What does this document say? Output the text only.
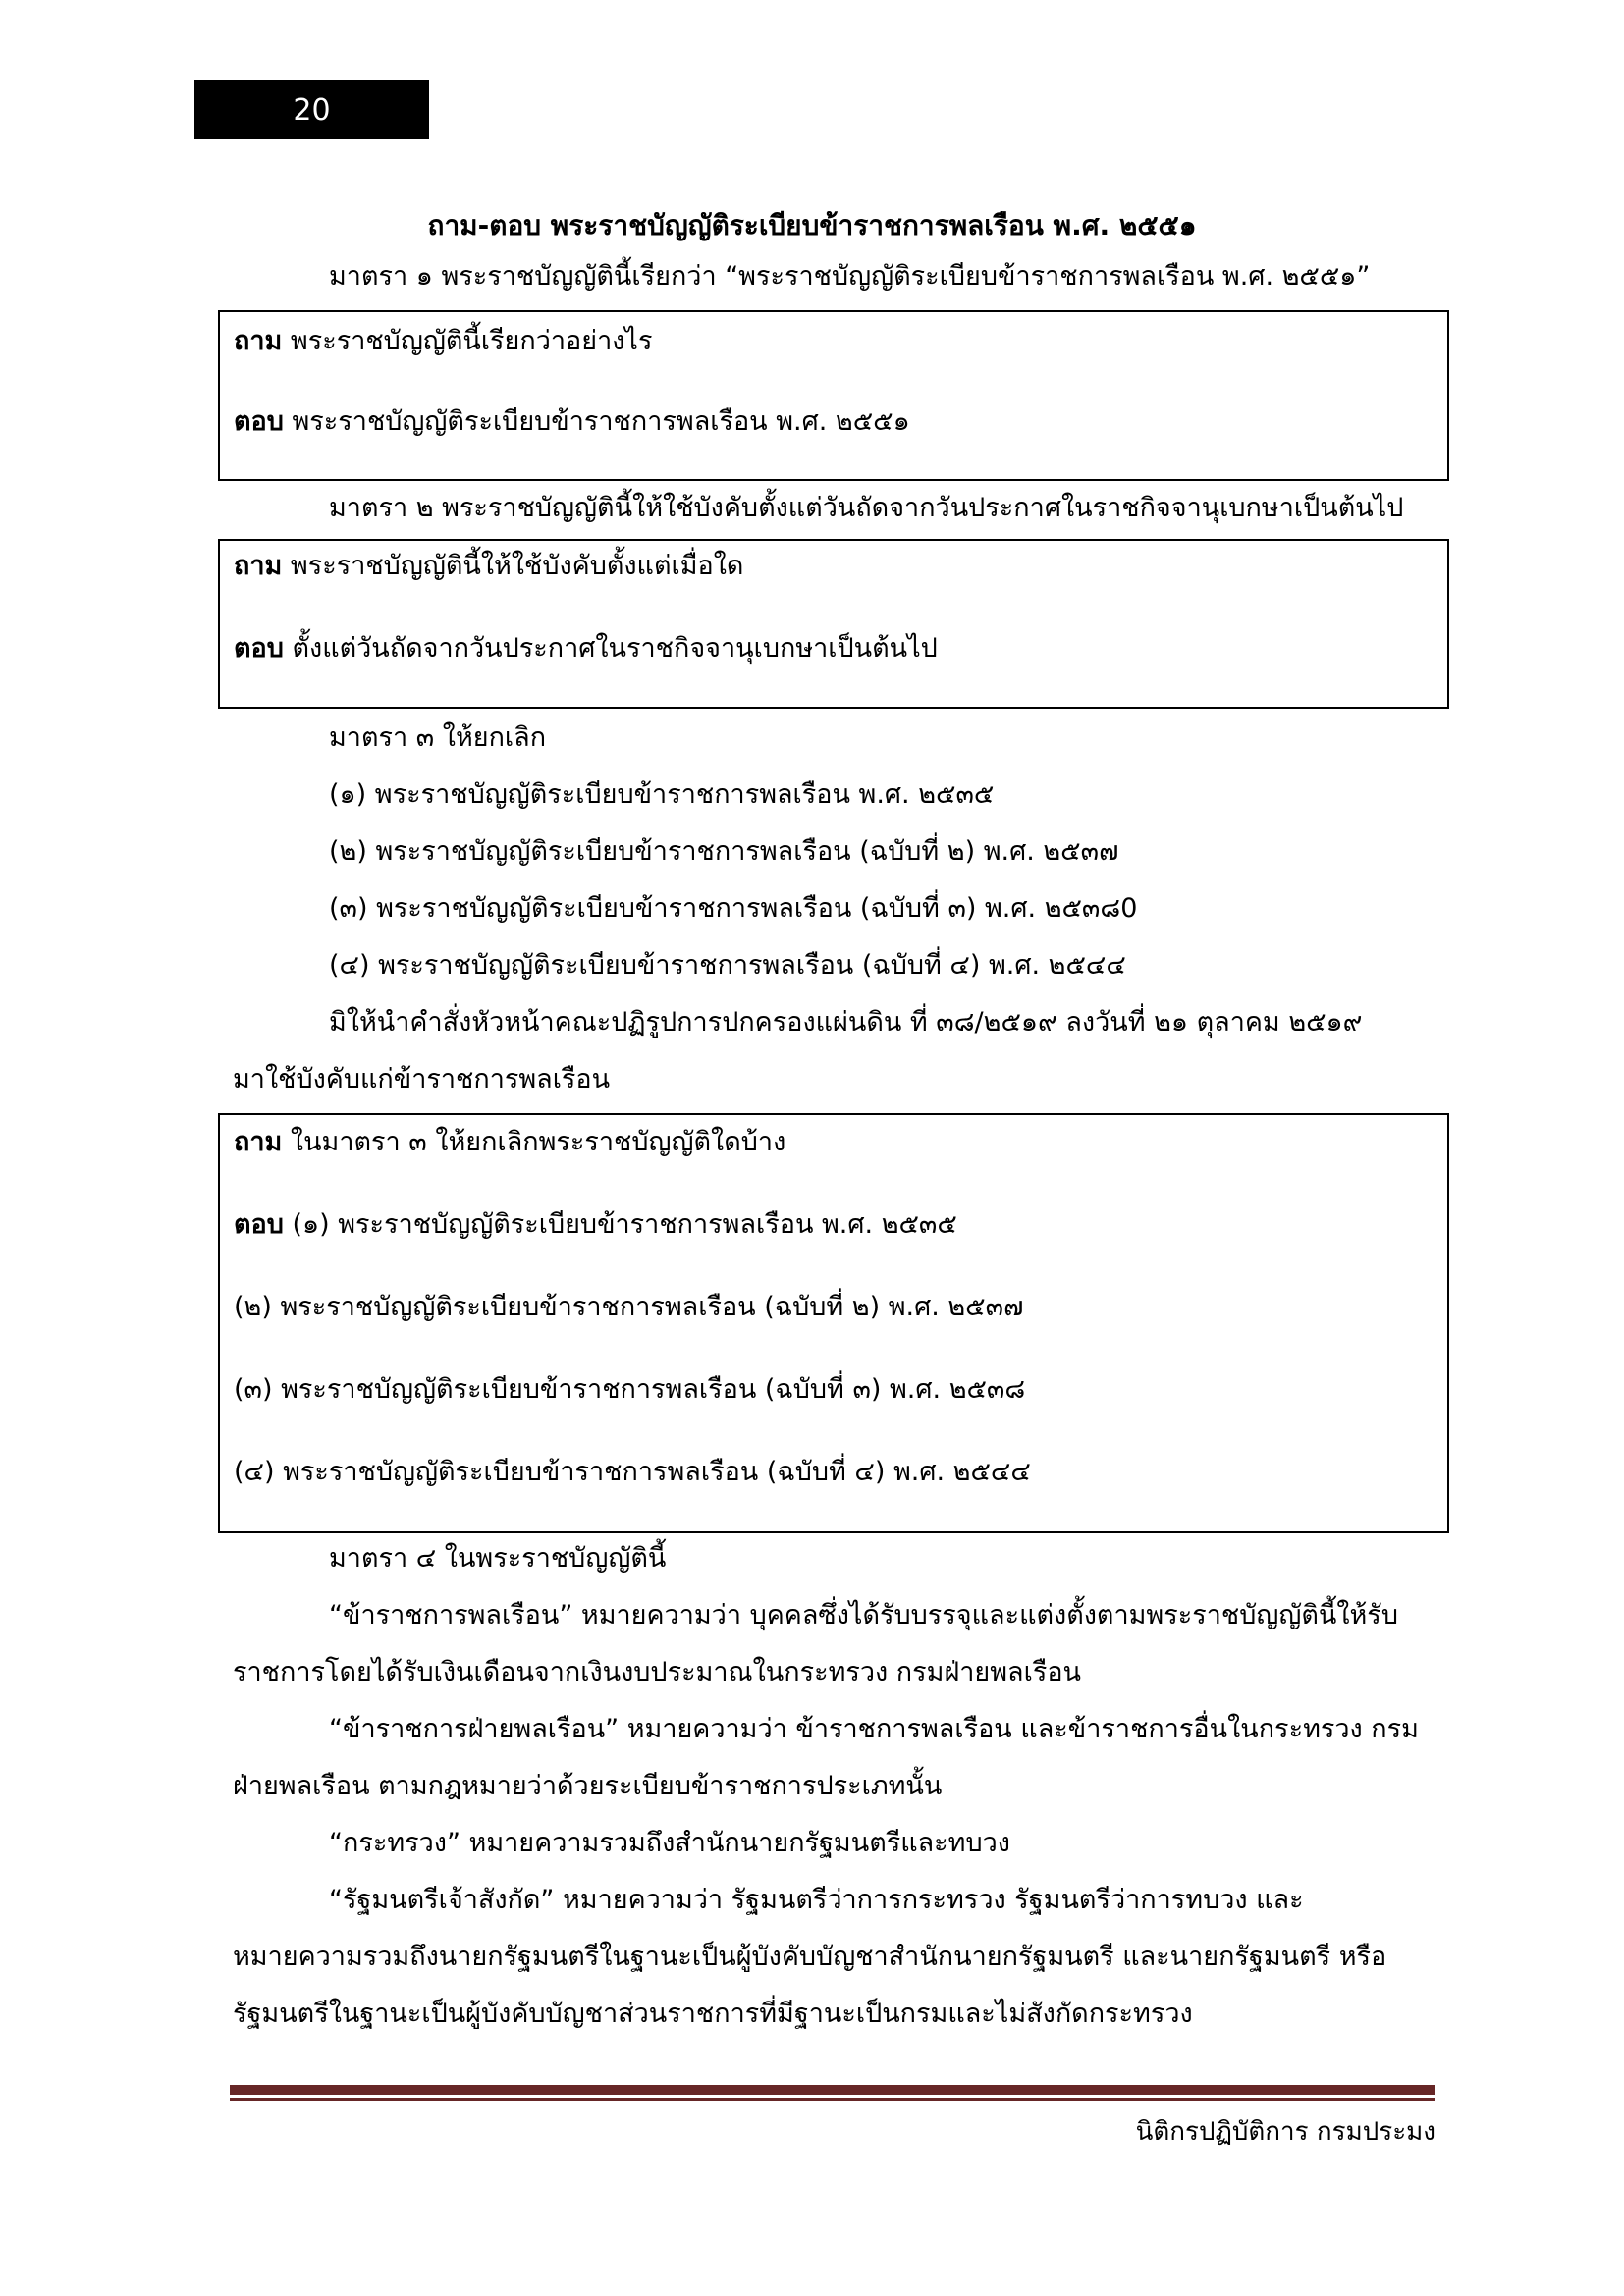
20
ถาม-ตอบ พระราชบัญญัติระเบียบข้าราชการพลเรือน พ.ศ. ๒๕๕๑
มาตรา ๑ พระราชบัญญัตินี้เรียกว่า “พระราชบัญญัติระเบียบข้าราชการพลเรือน พ.ศ. ๒๕๕๑”
ถาม พระราชบัญญัตินี้เรียกว่าอย่างไร
ตอบ พระราชบัญญัติระเบียบข้าราชการพลเรือน พ.ศ. ๒๕๕๑
มาตรา ๒ พระราชบัญญัตินี้ให้ใช้บังคับตั้งแต่วันถัดจากวันประกาศในราชกิจจานุเบกษาเป็นต้นไป
ถาม พระราชบัญญัตินี้ให้ใช้บังคับตั้งแต่เมื่อใด
ตอบ ตั้งแต่วันถัดจากวันประกาศในราชกิจจานุเบกษาเป็นต้นไป
มาตรา ๓ ให้ยกเลิก
(๑) พระราชบัญญัติระเบียบข้าราชการพลเรือน พ.ศ. ๒๕๓๕
(๒) พระราชบัญญัติระเบียบข้าราชการพลเรือน (ฉบับที่ ๒) พ.ศ. ๒๕๓๗
(๓) พระราชบัญญัติระเบียบข้าราชการพลเรือน (ฉบับที่ ๓) พ.ศ. ๒๕๓๘0
(๔) พระราชบัญญัติระเบียบข้าราชการพลเรือน (ฉบับที่ ๔) พ.ศ. ๒๕๔๔
มิให้นำคำสั่งหัวหน้าคณะปฏิรูปการปกครองแผ่นดิน ที่ ๓๘/๒๕๑๙ ลงวันที่ ๒๑ ตุลาคม ๒๕๑๙
มาใช้บังคับแก่ข้าราชการพลเรือน
ถาม ในมาตรา ๓ ให้ยกเลิกพระราชบัญญัติใดบ้าง
ตอบ (๑) พระราชบัญญัติระเบียบข้าราชการพลเรือน พ.ศ. ๒๕๓๕
(๒) พระราชบัญญัติระเบียบข้าราชการพลเรือน (ฉบับที่ ๒) พ.ศ. ๒๕๓๗
(๓) พระราชบัญญัติระเบียบข้าราชการพลเรือน (ฉบับที่ ๓) พ.ศ. ๒๕๓๘
(๔) พระราชบัญญัติระเบียบข้าราชการพลเรือน (ฉบับที่ ๔) พ.ศ. ๒๕๔๔
มาตรา ๔ ในพระราชบัญญัตินี้
“ข้าราชการพลเรือน” หมายความว่า บุคคลซึ่งได้รับบรรจุและแต่งตั้งตามพระราชบัญญัตินี้ให้รับ
ราชการโดยได้รับเงินเดือนจากเงินงบประมาณในกระทรวง กรมฝ่ายพลเรือน
“ข้าราชการฝ่ายพลเรือน” หมายความว่า ข้าราชการพลเรือน และข้าราชการอื่นในกระทรวง กรม
ฝ่ายพลเรือน ตามกฎหมายว่าด้วยระเบียบข้าราชการประเภทนั้น
“กระทรวง” หมายความรวมถึงสำนักนายกรัฐมนตรีและทบวง
“รัฐมนตรีเจ้าสังกัด” หมายความว่า รัฐมนตรีว่าการกระทรวง รัฐมนตรีว่าการทบวง และ
หมายความรวมถึงนายกรัฐมนตรีในฐานะเป็นผู้บังคับบัญชาสำนักนายกรัฐมนตรี และนายกรัฐมนตรี หรือ
รัฐมนตรีในฐานะเป็นผู้บังคับบัญชาส่วนราชการที่มีฐานะเป็นกรมและไม่สังกัดกระทรวง
นิติกรปฏิบัติการ กรมประมง
